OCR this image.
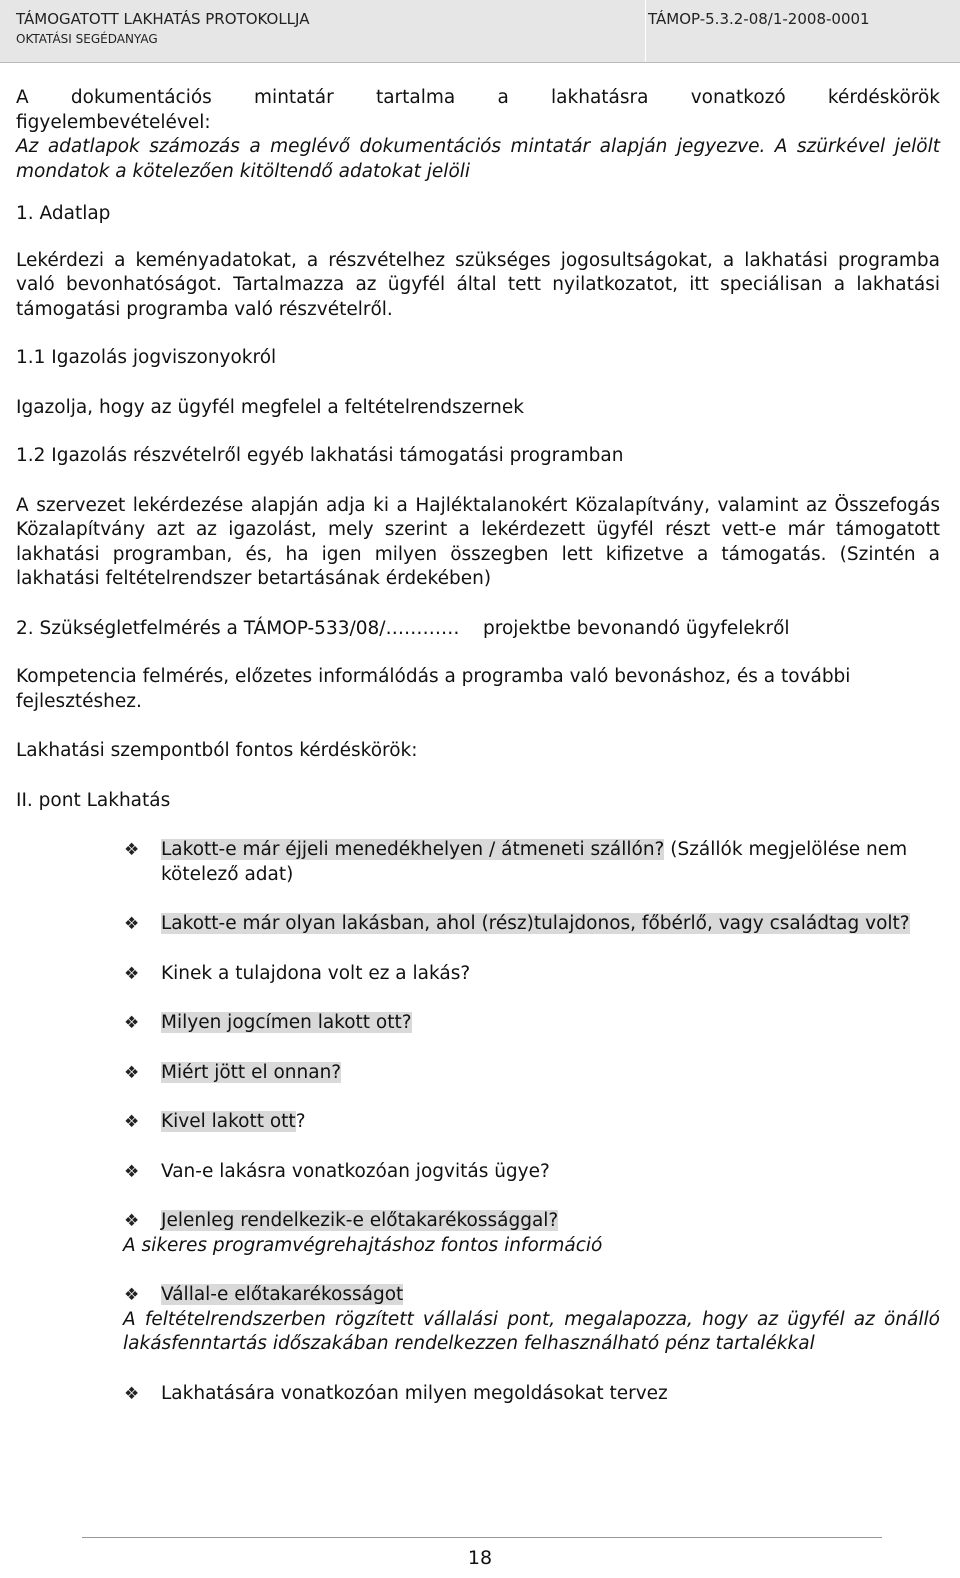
TÁMOGATOTT LAKHATÁS PROTOKOLLJA
OKTATÁSI SEGÉDANYAG
TÁMOP-5.3.2-08/1-2008-0001

A dokumentációs mintatár tartalma a lakhatásra vonatkozó kérdéskörök

figyelembevételével:

Az adatlapok számozás a meglévő dokumentációs mintatár alapján jegyezve. A szürkével jelölt mondatok a kötelezően kitöltendő adatokat jelöli

1. Adatlap

Lekérdezi a keményadatokat, a részvételhez szükséges jogosultságokat, a lakhatási programba való bevonhatóságot. Tartalmazza az ügyfél által tett nyilatkozatot, itt speciálisan a lakhatási támogatási programba való részvételről.

1.1 Igazolás jogviszonyokról

Igazolja, hogy az ügyfél megfelel a feltételrendszernek

1.2 Igazolás részvételről egyéb lakhatási támogatási programban

A szervezet lekérdezése alapján adja ki a Hajléktalanokért Közalapítvány, valamint az Összefogás Közalapítvány azt az igazolást, mely szerint a lekérdezett ügyfél részt vett-e már támogatott lakhatási programban, és, ha igen milyen összegben lett kifizetve a támogatás. (Szintén a lakhatási feltételrendszer betartásának érdekében)

2. Szükségletfelmérés a TÁMOP-533/08/………… projektbe bevonandó ügyfelekről

Kompetencia felmérés, előzetes informálódás a programba való bevonáshoz, és a további fejlesztéshez.

Lakhatási szempontból fontos kérdéskörök:

II. pont Lakhatás

❖ Lakott-e már éjjeli menedékhelyen / átmeneti szállón? (Szállók megjelölése nem kötelező adat)
❖ Lakott-e már olyan lakásban, ahol (rész)tulajdonos, főbérlő, vagy családtag volt?
❖ Kinek a tulajdona volt ez a lakás?
❖ Milyen jogcímen lakott ott?
❖ Miért jött el onnan?
❖ Kivel lakott ott?
❖ Van-e lakásra vonatkozóan jogvitás ügye?
❖ Jelenleg rendelkezik-e előtakarékossággal?
A sikeres programvégrehajtáshoz fontos információ
❖ Vállal-e előtakarékosságot
A feltételrendszerben rögzített vállalási pont, megalapozza, hogy az ügyfél az önálló lakásfenntartás időszakában rendelkezzen felhasználható pénz tartalékkal
❖ Lakhatására vonatkozóan milyen megoldásokat tervez
18
